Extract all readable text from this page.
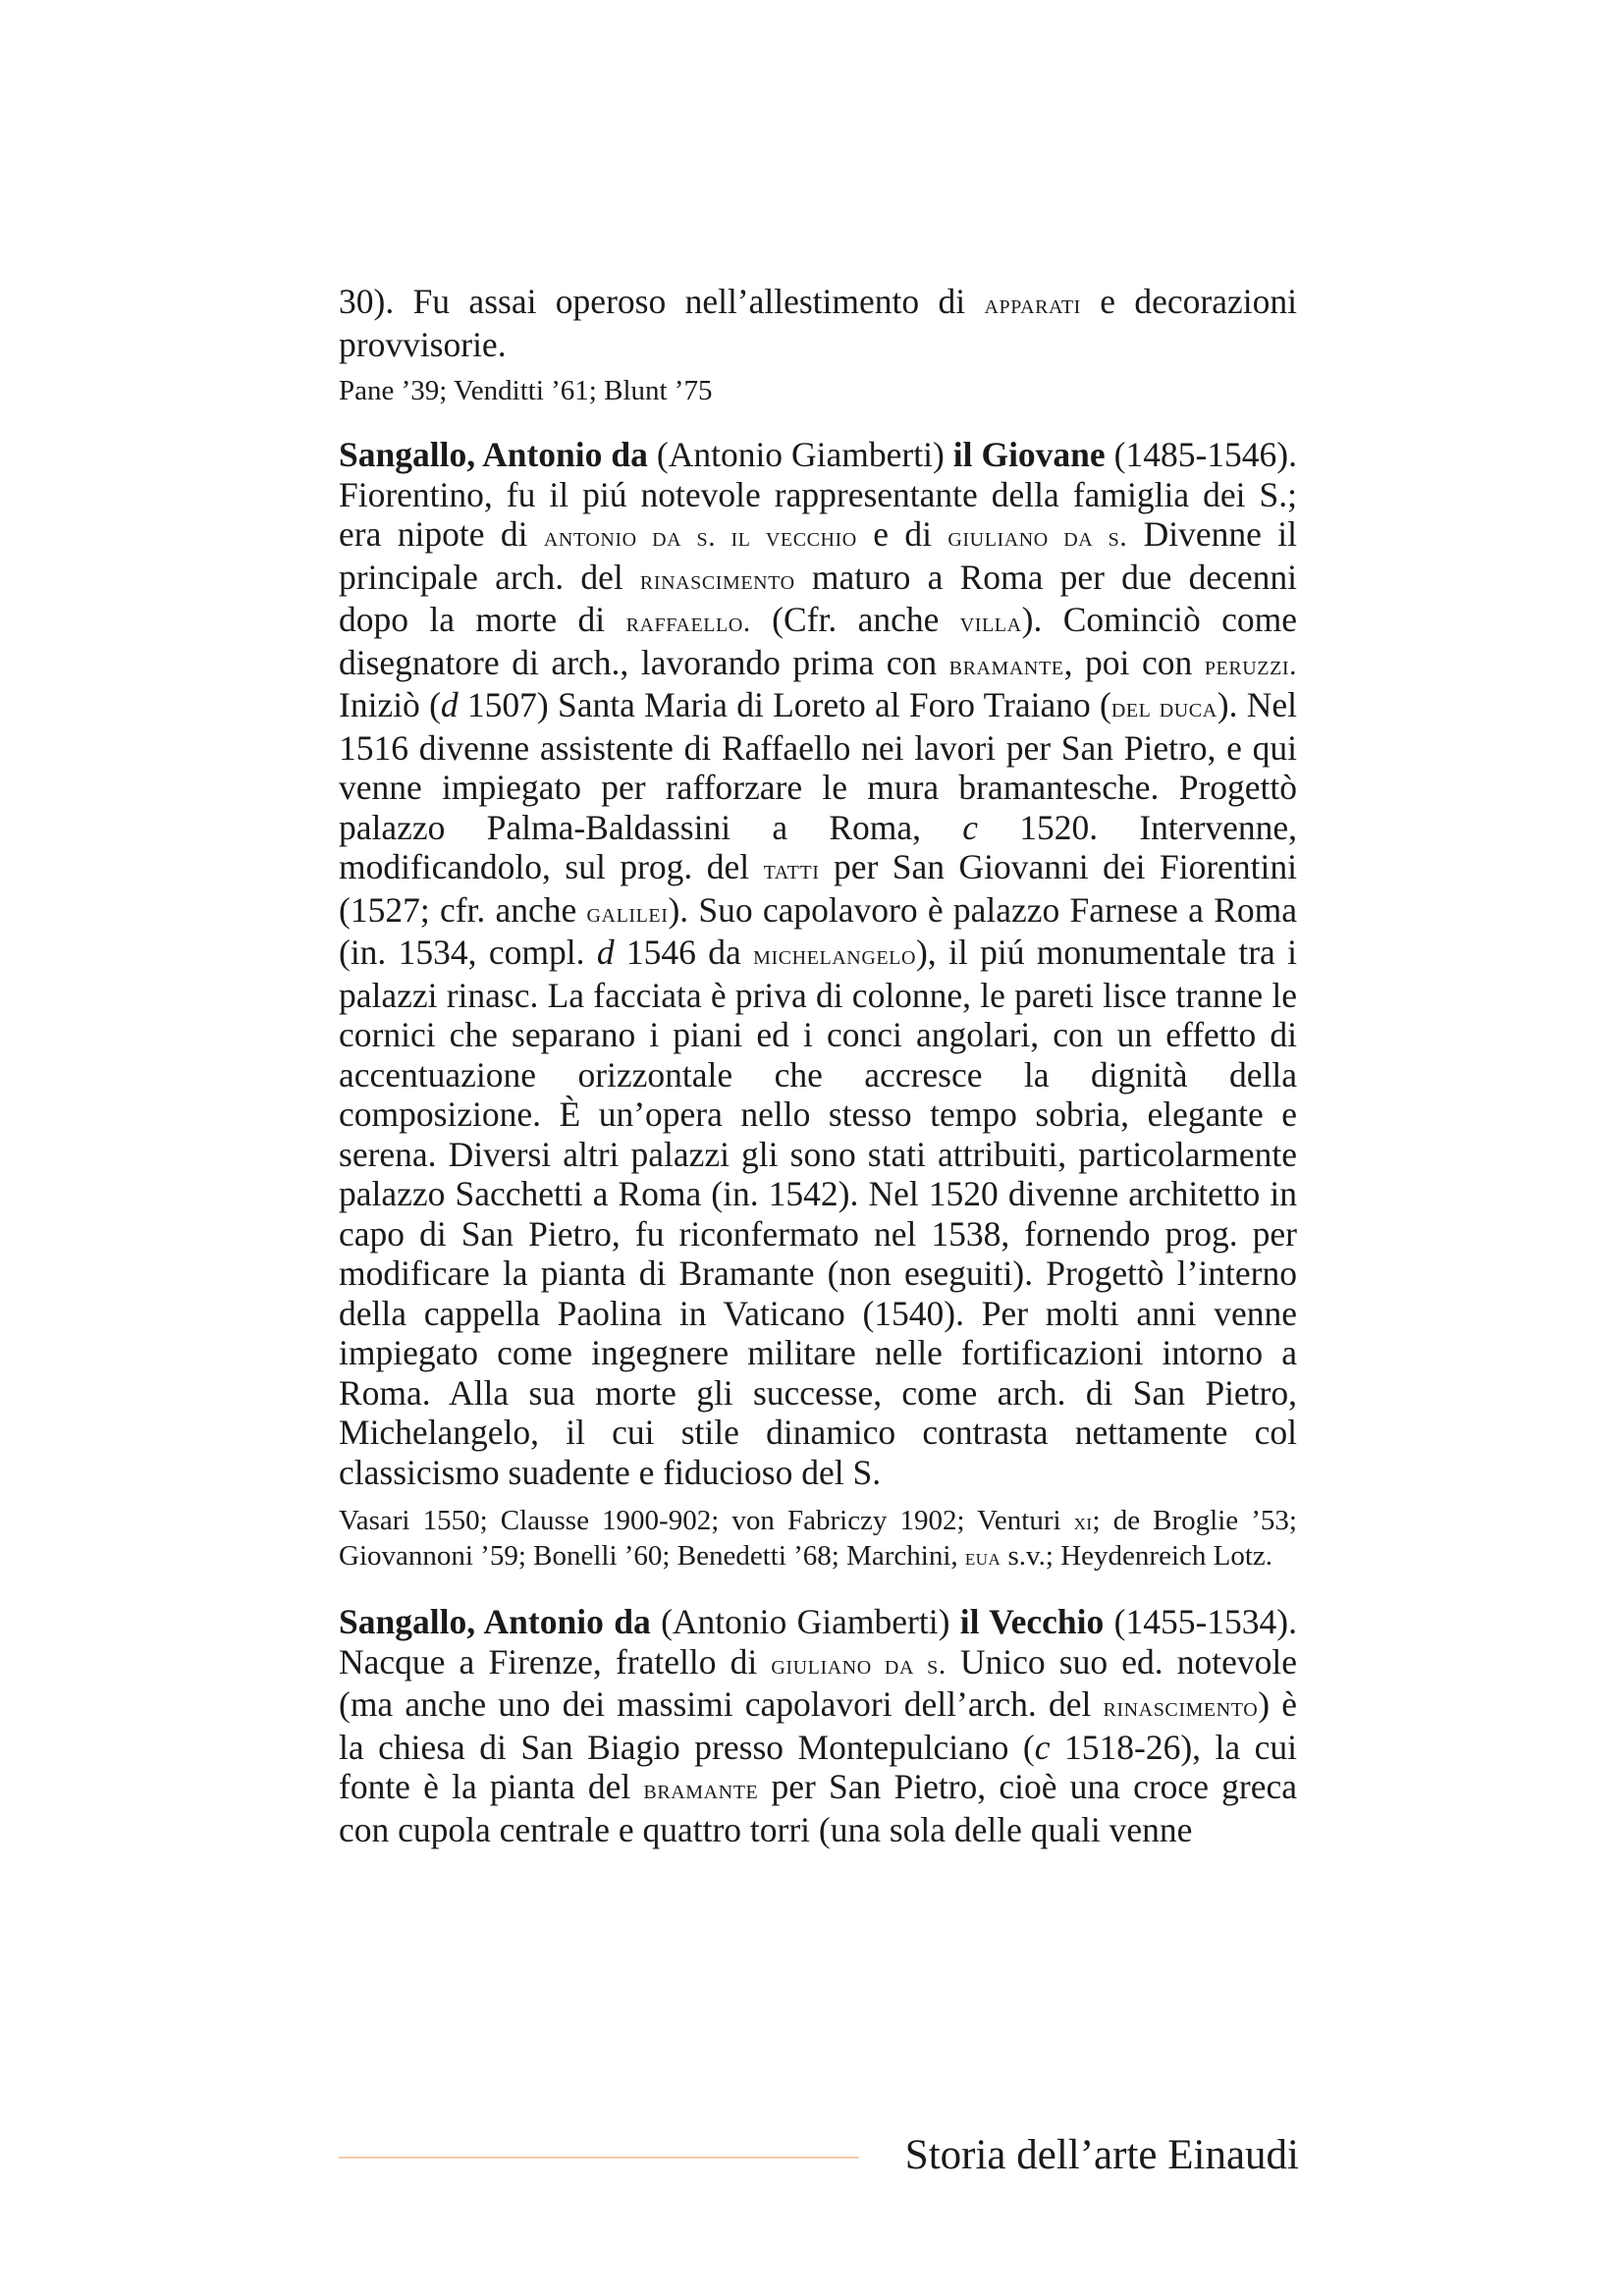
30). Fu assai operoso nell’allestimento di apparati e decorazioni provvisorie.

Pane ’39; Venditti ’61; Blunt ’75

Sangallo, Antonio da (Antonio Giamberti) il Giovane (1485-1546). Fiorentino, fu il piú notevole rappresentante della famiglia dei S.; era nipote di antonio da s. il vecchio e di giuliano da s. Divenne il principale arch. del rinascimento maturo a Roma per due decenni dopo la morte di raffaello. (Cfr. anche villa). Cominciò come disegnatore di arch., lavorando prima con bramante, poi con peruzzi. Iniziò (d 1507) Santa Maria di Loreto al Foro Traiano (del duca). Nel 1516 divenne assistente di Raffaello nei lavori per San Pietro, e qui venne impiegato per rafforzare le mura bramantesche. Progettò palazzo Palma-Baldassini a Roma, c 1520. Intervenne, modificandolo, sul prog. del tatti per San Giovanni dei Fiorentini (1527; cfr. anche galilei). Suo capolavoro è palazzo Farnese a Roma (in. 1534, compl. d 1546 da michelangelo), il piú monumentale tra i palazzi rinasc. La facciata è priva di colonne, le pareti lisce tranne le cornici che separano i piani ed i conci angolari, con un effetto di accentuazione orizzontale che accresce la dignità della composizione. È un’opera nello stesso tempo sobria, elegante e serena. Diversi altri palazzi gli sono stati attribuiti, particolarmente palazzo Sacchetti a Roma (in. 1542). Nel 1520 divenne architetto in capo di San Pietro, fu riconfermato nel 1538, fornendo prog. per modificare la pianta di Bramante (non eseguiti). Progettò l’interno della cappella Paolina in Vaticano (1540). Per molti anni venne impiegato come ingegnere militare nelle fortificazioni intorno a Roma. Alla sua morte gli successe, come arch. di San Pietro, Michelangelo, il cui stile dinamico contrasta nettamente col classicismo suadente e fiducioso del S.

Vasari 1550; Clausse 1900-902; von Fabriczy 1902; Venturi xi; de Broglie ’53; Giovannoni ’59; Bonelli ’60; Benedetti ’68; Marchini, eua s.v.; Heydenreich Lotz.

Sangallo, Antonio da (Antonio Giamberti) il Vecchio (1455-1534). Nacque a Firenze, fratello di giuliano da s. Unico suo ed. notevole (ma anche uno dei massimi capolavori dell’arch. del rinascimento) è la chiesa di San Biagio presso Montepulciano (c 1518-26), la cui fonte è la pianta del bramante per San Pietro, cioè una croce greca con cupola centrale e quattro torri (una sola delle quali venne

Storia dell’arte Einaudi
